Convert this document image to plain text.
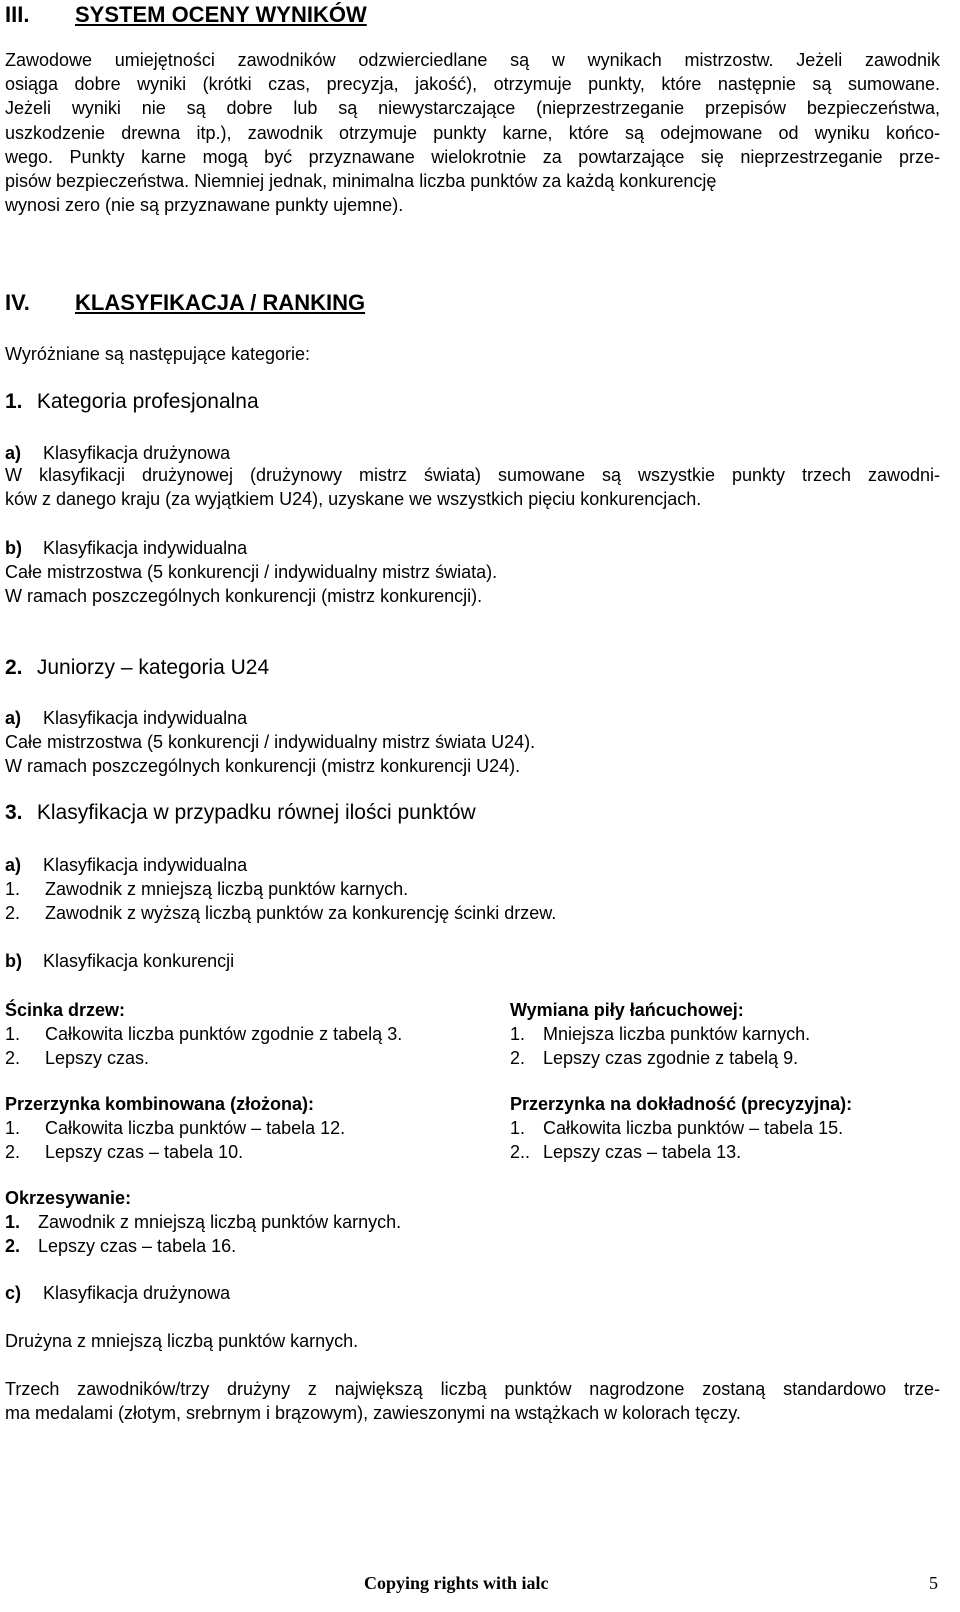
III.	SYSTEM OCENY WYNIKÓW
Zawodowe umiejętności zawodników odzwierciedlane są w wynikach mistrzostw. Jeżeli zawodnik
osiąga dobre wyniki (krótki czas, precyzja, jakość), otrzymuje punkty, które następnie są sumowane.
Jeżeli wyniki nie są dobre lub są niewystarczające (nieprzestrzeganie przepisów bezpieczeństwa,
uszkodzenie drewna itp.), zawodnik otrzymuje punkty karne, które są odejmowane od wyniku końco-
wego. Punkty karne mogą być przyznawane wielokrotnie za powtarzające się nieprzestrzeganie prze-
pisów bezpieczeństwa. Niemniej jednak, minimalna liczba punktów za każdą konkurencję
wynosi zero (nie są przyznawane punkty ujemne).
IV.	KLASYFIKACJA / RANKING
Wyróżniane są następujące kategorie:
1. Kategoria profesjonalna
a) Klasyfikacja drużynowa
W klasyfikacji drużynowej (drużynowy mistrz świata) sumowane są wszystkie punkty trzech zawodni-
ków z danego kraju (za wyjątkiem U24), uzyskane we wszystkich pięciu konkurencjach.
b) Klasyfikacja indywidualna
Całe mistrzostwa (5 konkurencji / indywidualny mistrz świata).
W ramach poszczególnych konkurencji (mistrz konkurencji).
2. Juniorzy – kategoria U24
a) Klasyfikacja indywidualna
Całe mistrzostwa (5 konkurencji / indywidualny mistrz świata U24).
W ramach poszczególnych konkurencji (mistrz konkurencji U24).
3. Klasyfikacja w przypadku równej ilości punktów
a) Klasyfikacja indywidualna
1. Zawodnik z mniejszą liczbą punktów karnych.
2. Zawodnik z wyższą liczbą punktów za konkurencję ścinki drzew.
b) Klasyfikacja konkurencji
Ścinka drzew:
1. Całkowita liczba punktów zgodnie z tabelą 3.
2. Lepszy czas.
Przerzynka kombinowana (złożona):
1. Całkowita liczba punktów – tabela 12.
2. Lepszy czas – tabela 10.
Wymiana piły łańcuchowej:
1. Mniejsza liczba punktów karnych.
2. Lepszy czas zgodnie z tabelą 9.
Przerzynka na dokładność (precyzyjna):
1. Całkowita liczba punktów – tabela 15.
2.. Lepszy czas – tabela 13.
Okrzesywanie:
1. Zawodnik z mniejszą liczbą punktów karnych.
2. Lepszy czas – tabela 16.
c) Klasyfikacja drużynowa
Drużyna z mniejszą liczbą punktów karnych.
Trzech zawodników/trzy drużyny z największą liczbą punktów nagrodzone zostaną standardowo trze-
ma medalami (złotym, srebrnym i brązowym), zawieszonymi na wstążkach w kolorach tęczy.
Copying rights with ialc	5
